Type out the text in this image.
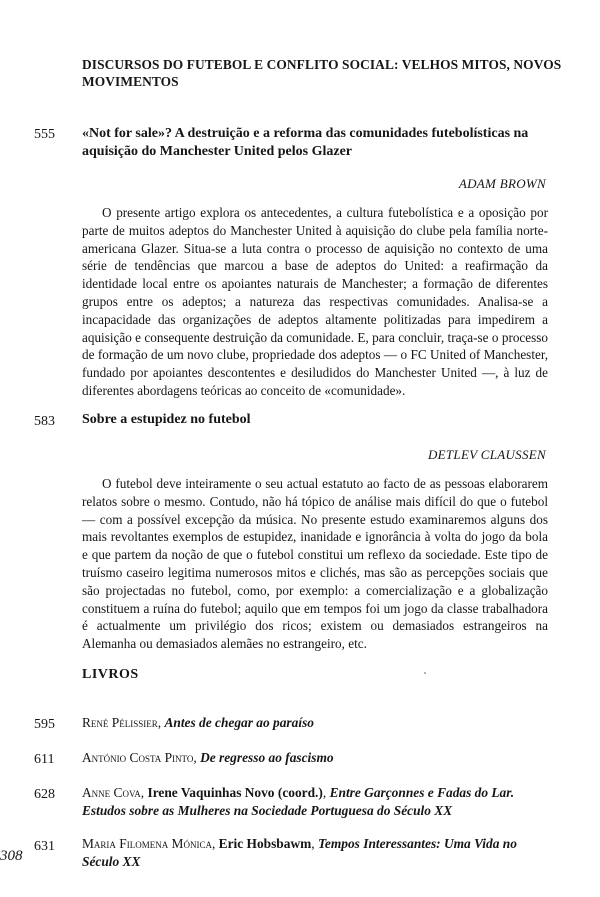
DISCURSOS DO FUTEBOL E CONFLITO SOCIAL: VELHOS MITOS, NOVOS MOVIMENTOS
555	«Not for sale»? A destruição e a reforma das comunidades futebolísticas na aquisição do Manchester United pelos Glazer
ADAM BROWN

O presente artigo explora os antecedentes, a cultura futebolística e a oposição por parte de muitos adeptos do Manchester United à aquisição do clube pela família norte-americana Glazer. Situa-se a luta contra o processo de aquisição no contexto de uma série de tendências que marcou a base de adeptos do United: a reafirmação da identidade local entre os apoiantes naturais de Manchester; a formação de diferentes grupos entre os adeptos; a natureza das respectivas comunidades. Analisa-se a incapacidade das organizações de adeptos altamente politizadas para impedirem a aquisição e consequente destruição da comunidade. E, para concluir, traça-se o processo de formação de um novo clube, propriedade dos adeptos — o FC United of Manchester, fundado por apoiantes descontentes e desiludidos do Manchester United —, à luz de diferentes abordagens teóricas ao conceito de «comunidade».

583	Sobre a estupidez no futebol
DETLEV CLAUSSEN

O futebol deve inteiramente o seu actual estatuto ao facto de as pessoas elaborarem relatos sobre o mesmo. Contudo, não há tópico de análise mais difícil do que o futebol — com a possível excepção da música. No presente estudo examinaremos alguns dos mais revoltantes exemplos de estupidez, inanidade e ignorância à volta do jogo da bola e que partem da noção de que o futebol constitui um reflexo da sociedade. Este tipo de truísmo caseiro legitima numerosos mitos e clichés, mas são as percepções sociais que são projectadas no futebol, como, por exemplo: a comercialização e a globalização constituem a ruína do futebol; aquilo que em tempos foi um jogo da classe trabalhadora é actualmente um privilégio dos ricos; existem ou demasiados estrangeiros na Alemanha ou demasiados alemães no estrangeiro, etc.

LIVROS
595	René Pélissier, Antes de chegar ao paraíso
611	António Costa Pinto, De regresso ao fascismo
628	Anne Cova, Irene Vaquinhas Novo (coord.), Entre Garçonnes e Fadas do Lar. Estudos sobre as Mulheres na Sociedade Portuguesa do Século XX
631	Maria Filomena Mónica, Eric Hobsbawm, Tempos Interessantes: Uma Vida no Século XX
308
